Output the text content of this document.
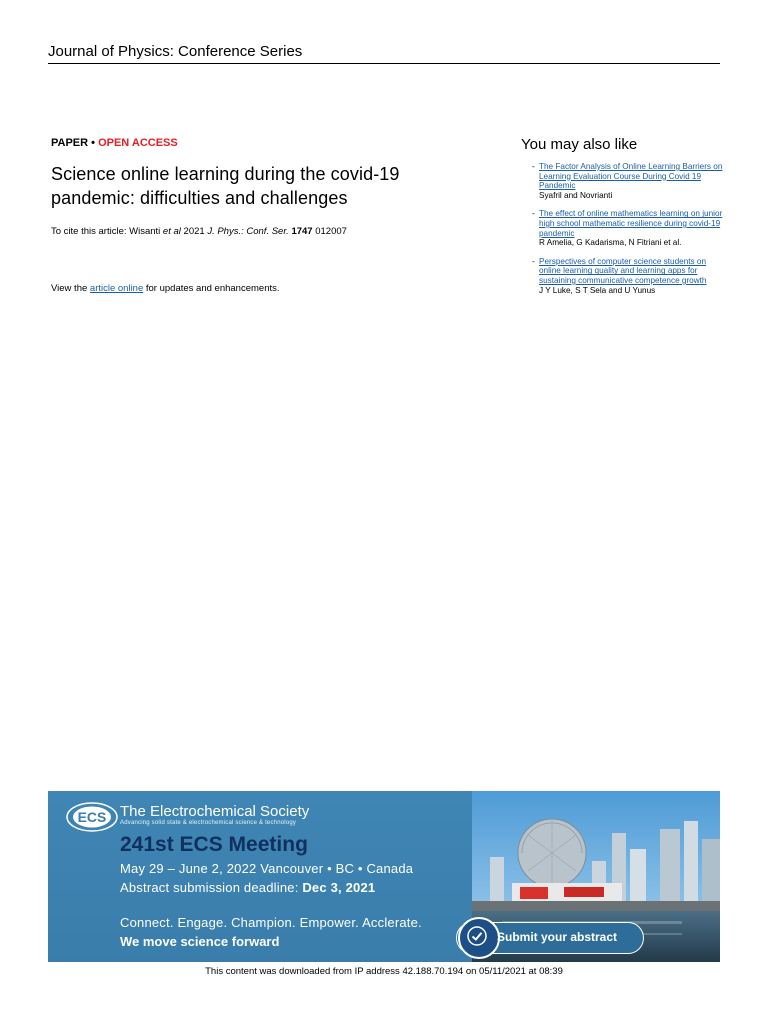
Journal of Physics: Conference Series
PAPER • OPEN ACCESS
Science online learning during the covid-19 pandemic: difficulties and challenges
To cite this article: Wisanti et al 2021 J. Phys.: Conf. Ser. 1747 012007
View the article online for updates and enhancements.
You may also like
- The Factor Analysis of Online Learning Barriers on Learning Evaluation Course During Covid 19 Pandemic
Syafril and Novrianti
- The effect of online mathematics learning on junior high school mathematic resilience during covid-19 pandemic
R Amelia, G Kadarisma, N Fitriani et al.
- Perspectives of computer science students on online learning quality and learning apps for sustaining communicative competence growth
J Y Luke, S T Sela and U Yunus
ECS The Electrochemical Society
Advancing solid state & electrochemical science & technology
241st ECS Meeting
May 29 – June 2, 2022 Vancouver • BC • Canada
Abstract submission deadline: Dec 3, 2021
Connect. Engage. Champion. Empower. Acclerate.
We move science forward	Submit your abstract
This content was downloaded from IP address 42.188.70.194 on 05/11/2021 at 08:39
